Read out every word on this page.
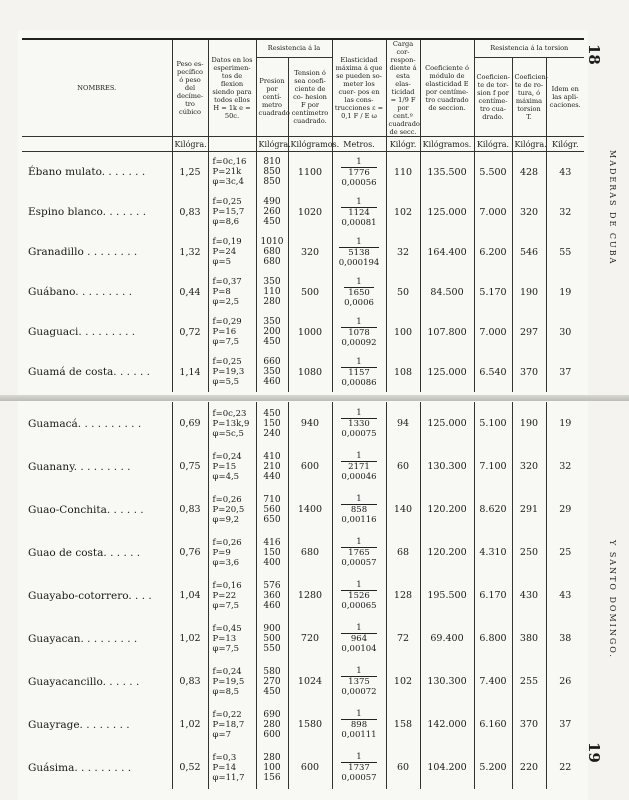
18
MADERAS DE CUBA
Y SANTO DOMINGO.
19
NOMBRES.	Peso es- pecífico ó peso del decíme- tro cúbico	Datos en los esperimen- tos de flexion siendo para todos ellos H = 1k e = 50c.	Resistencia á la		Elasticidad máxima á que se pueden so- meter los cuer- pos en las cons- trucciones ε = 0,1 F / E ω	Carga cor- respon- diente á esta elas- ticidad = 1/9 F por cent.º cuadrado de secc.	Coeficiente ó módulo de elasticidad E por centíme- tro cuadrado de seccion.	Resistencia á la torsion		
			Presion por centí- metro cuadrado	Tension ó sea coefi- ciente de co- hesion F por centímetro cuadrado.				Coeficien- te de tor- sion f por centíme- tro cua- drado.	Coeficien- te de ro- tura, ó máxima torsion T.	Idem en las apli- caciones.
	Kilógra.		Kilógra.	Kilógramos.	Metros.	Kilógr.	Kilógramos.	Kilógra.	Kilógra.	Kilógr.
Ébano mulato. . . . . . .	1,25	f=0c,16
P=21k
φ=3c,4	810
850
850	1100	1
1776
0,00056	110	135.500	5.500	428	43
Espino blanco. . . . . . .	0,83	f=0,25
P=15,7
φ=8,6	490
260
450	1020	1
1124
0,00081	102	125.000	7.000	320	32
Granadillo . . . . . . . .	1,32	f=0,19
P=24
φ=5	1010
680
680	320	1
5138
0,000194	32	164.400	6.200	546	55
Guábano. . . . . . . . .	0,44	f=0,37
P=8
φ=2,5	350
110
280	500	1
1650
0,0006	50	84.500	5.170	190	19
Guaguaci. . . . . . . . .	0,72	f=0,29
P=16
φ=7,5	350
200
450	1000	1
1078
0,00092	100	107.800	7.000	297	30
Guamá de costa. . . . . .	1,14	f=0,25
P=19,3
φ=5,5	660
350
460	1080	1
1157
0,00086	108	125.000	6.540	370	37
Guamacá. . . . . . . . . .	0,69	f=0c,23
P=13k,9
φ=5c,5	450
150
240	940	1
1330
0,00075	94	125.000	5.100	190	19
Guanany. . . . . . . . .	0,75	f=0,24
P=15
φ=4,5	410
210
440	600	1
2171
0,00046	60	130.300	7.100	320	32
Guao-Conchita. . . . . .	0,83	f=0,26
P=20,5
φ=9,2	710
560
650	1400	1
858
0,00116	140	120.200	8.620	291	29
Guao de costa. . . . . .	0,76	f=0,26
P=9
φ=3,6	416
150
400	680	1
1765
0,00057	68	120.200	4.310	250	25
Guayabo-cotorrero. . . .	1,04	f=0,16
P=22
φ=7,5	576
360
460	1280	1
1526
0,00065	128	195.500	6.170	430	43
Guayacan. . . . . . . . .	1,02	f=0,45
P=13
φ=7,5	900
500
550	720	1
964
0,00104	72	69.400	6.800	380	38
Guayacancillo. . . . . .	0,83	f=0,24
P=19,5
φ=8,5	580
270
450	1024	1
1375
0,00072	102	130.300	7.400	255	26
Guayrage. . . . . . . .	1,02	f=0,22
P=18,7
φ=7	690
280
600	1580	1
898
0,00111	158	142.000	6.160	370	37
Guásima. . . . . . . . .	0,52	f=0,3
P=14
φ=11,7	280
100
156	600	1
1737
0,00057	60	104.200	5.200	220	22
